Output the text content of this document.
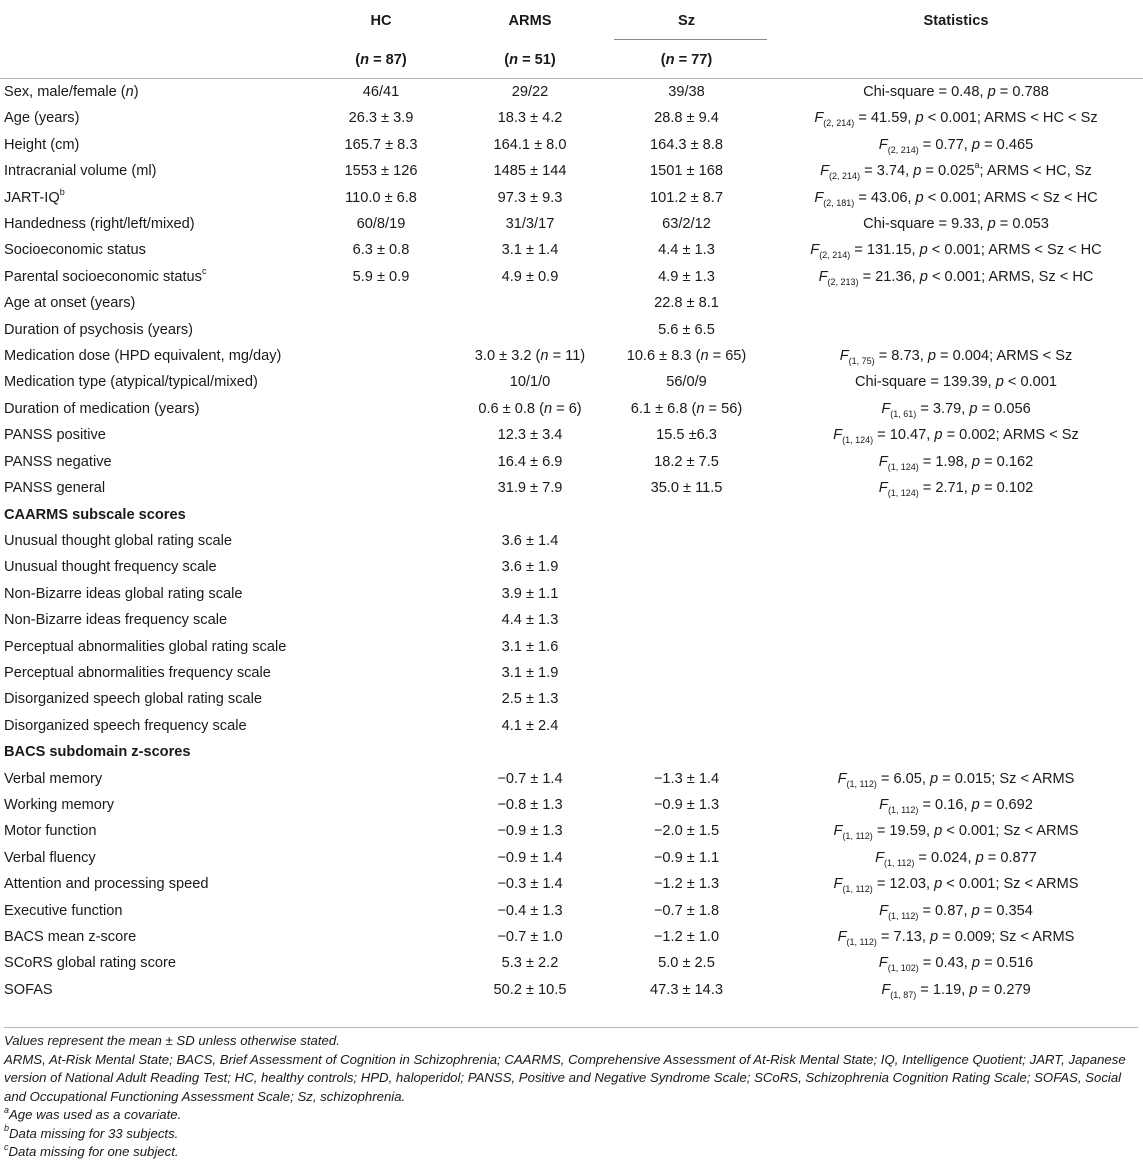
	HC	ARMS	Sz	Statistics
	(n = 87)	(n = 51)	(n = 77)	
Sex, male/female (n)	46/41	29/22	39/38	Chi-square = 0.48, p = 0.788
Age (years)	26.3 ± 3.9	18.3 ± 4.2	28.8 ± 9.4	$F_{(2, 214)} = 41.59$, p < 0.001; ARMS < HC < Sz
Height (cm)	165.7 ± 8.3	164.1 ± 8.0	164.3 ± 8.8	$F_{(2, 214)} = 0.77$, p = 0.465
Intracranial volume (ml)	1553 ± 126	1485 ± 144	1501 ± 168	$F_{(2, 214)} = 3.74$, p = 0.025$^a$; ARMS < HC, Sz
JART-$IQ^b$	110.0 ± 6.8	97.3 ± 9.3	101.2 ± 8.7	$F_{(2, 181)} = 43.06$, p < 0.001; ARMS < Sz < HC
Handedness (right/left/mixed)	60/8/19	31/3/17	63/2/12	Chi-square = 9.33, p = 0.053
Socioeconomic status	6.3 ± 0.8	3.1 ± 1.4	4.4 ± 1.3	$F_{(2, 214)} = 131.15$, p < 0.001; ARMS < Sz < HC
Parental socioeconomic status$^c$	5.9 ± 0.9	4.9 ± 0.9	4.9 ± 1.3	$F_{(2, 213)} = 21.36$, p < 0.001; ARMS, Sz < HC
Age at onset (years)			22.8 ± 8.1	
Duration of psychosis (years)			5.6 ± 6.5	
Medication dose (HPD equivalent, mg/day)		3.0 ± 3.2 (n = 11)	10.6 ± 8.3 (n = 65)	$F_{(1, 75)} = 8.73$, p = 0.004; ARMS < Sz
Medication type (atypical/typical/mixed)		10/1/0	56/0/9	Chi-square = 139.39, p < 0.001
Duration of medication (years)		0.6 ± 0.8 (n = 6)	6.1 ± 6.8 (n = 56)	$F_{(1, 61)} = 3.79$, p = 0.056
PANSS positive		12.3 ± 3.4	15.5 ±6.3	$F_{(1, 124)} = 10.47$, p = 0.002; ARMS < Sz
PANSS negative		16.4 ± 6.9	18.2 ± 7.5	$F_{(1, 124)} = 1.98$, p = 0.162
PANSS general		31.9 ± 7.9	35.0 ± 11.5	$F_{(1, 124)} = 2.71$, p = 0.102
CAARMS subscale scores				
Unusual thought global rating scale		3.6 ± 1.4		
Unusual thought frequency scale		3.6 ± 1.9		
Non-Bizarre ideas global rating scale		3.9 ± 1.1		
Non-Bizarre ideas frequency scale		4.4 ± 1.3		
Perceptual abnormalities global rating scale		3.1 ± 1.6		
Perceptual abnormalities frequency scale		3.1 ± 1.9		
Disorganized speech global rating scale		2.5 ± 1.3		
Disorganized speech frequency scale		4.1 ± 2.4		
BACS subdomain z-scores				
Verbal memory		−0.7 ± 1.4	−1.3 ± 1.4	$F_{(1, 112)} = 6.05$, p = 0.015; Sz < ARMS
Working memory		−0.8 ± 1.3	−0.9 ± 1.3	$F_{(1, 112)} = 0.16$, p = 0.692
Motor function		−0.9 ± 1.3	−2.0 ± 1.5	$F_{(1, 112)} = 19.59$, p < 0.001; Sz < ARMS
Verbal fluency		−0.9 ± 1.4	−0.9 ± 1.1	$F_{(1, 112)} = 0.024$, p = 0.877
Attention and processing speed		−0.3 ± 1.4	−1.2 ± 1.3	$F_{(1, 112)} = 12.03$, p < 0.001; Sz < ARMS
Executive function		−0.4 ± 1.3	−0.7 ± 1.8	$F_{(1, 112)} = 0.87$, p = 0.354
BACS mean z-score		−0.7 ± 1.0	−1.2 ± 1.0	$F_{(1, 112)} = 7.13$, p = 0.009; Sz < ARMS
SCoRS global rating score		5.3 ± 2.2	5.0 ± 2.5	$F_{(1, 102)} = 0.43$, p = 0.516
SOFAS		50.2 ± 10.5	47.3 ± 14.3	$F_{(1, 87)} = 1.19$, p = 0.279
Values represent the mean ± SD unless otherwise stated.
ARMS, At-Risk Mental State; BACS, Brief Assessment of Cognition in Schizophrenia; CAARMS, Comprehensive Assessment of At-Risk Mental State; IQ, Intelligence Quotient; JART, Japanese version of National Adult Reading Test; HC, healthy controls; HPD, haloperidol; PANSS, Positive and Negative Syndrome Scale; SCoRS, Schizophrenia Cognition Rating Scale; SOFAS, Social and Occupational Functioning Assessment Scale; Sz, schizophrenia.
$^a$Age was used as a covariate.
$^b$Data missing for 33 subjects.
$^c$Data missing for one subject.
